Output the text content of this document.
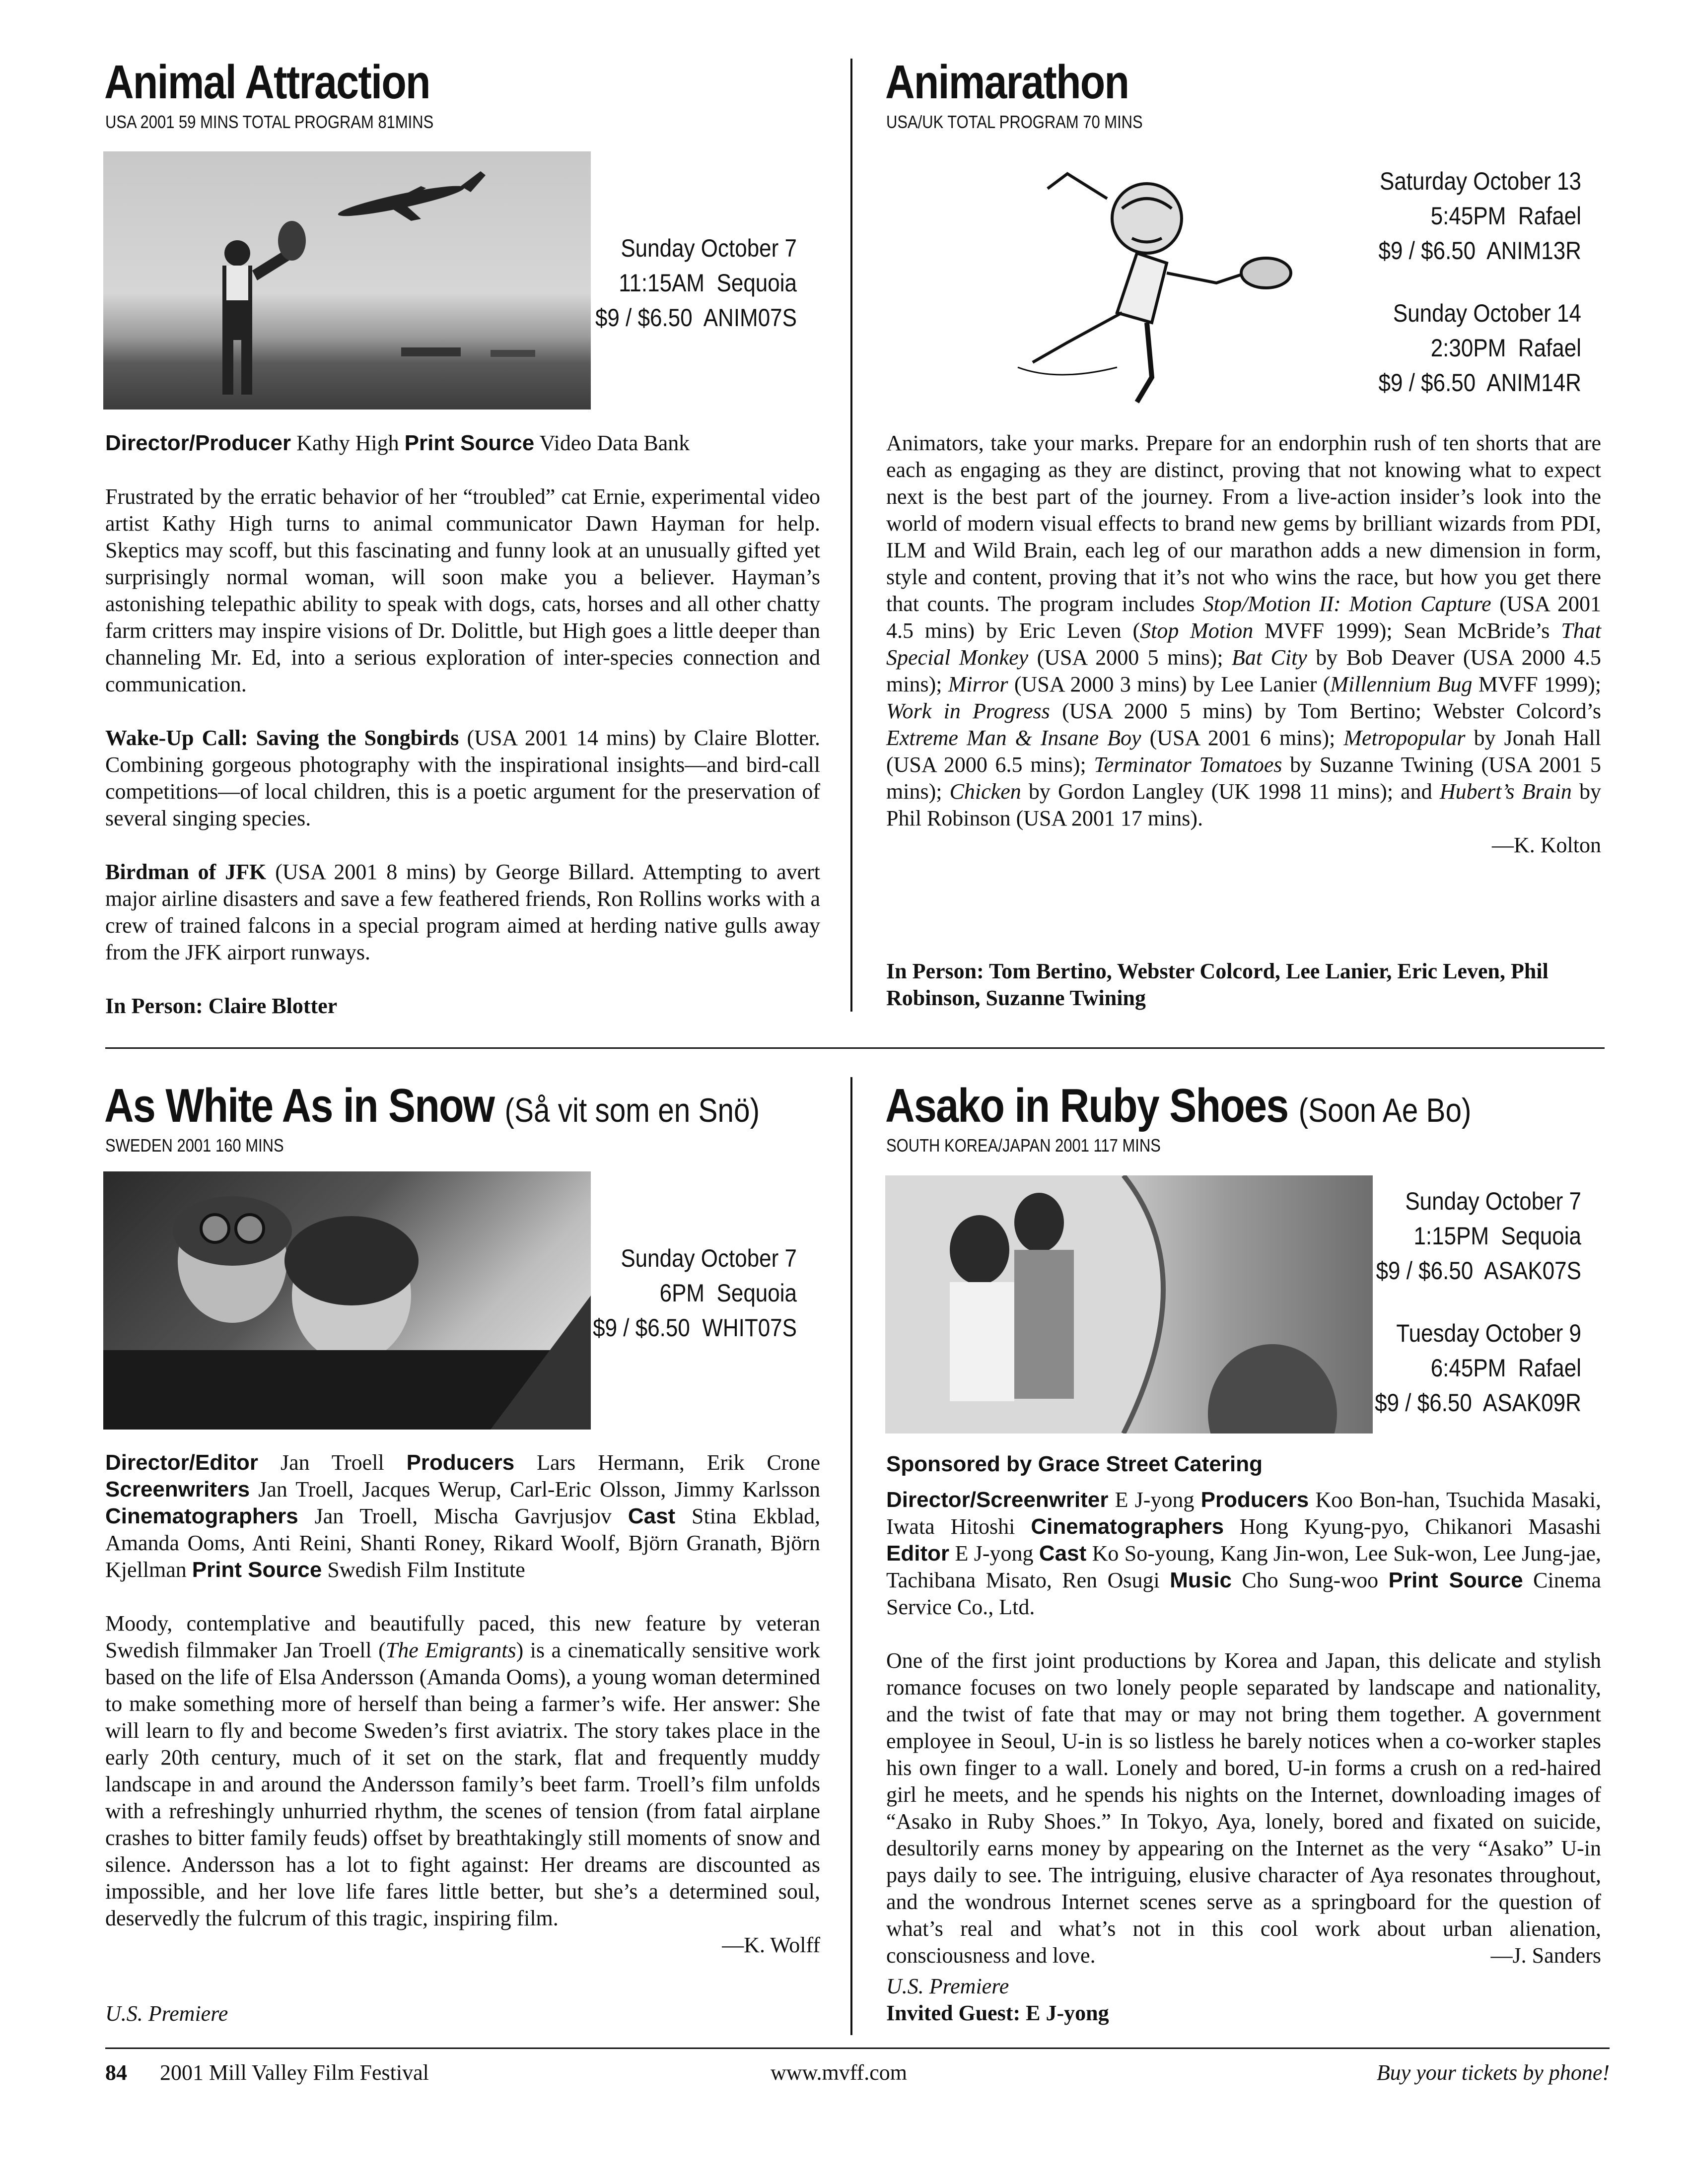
Animal Attraction
USA 2001 59 MINS TOTAL PROGRAM 81MINS
Sunday October 7
11:15AM  Sequoia
$9 / $6.50  ANIM07S

Director/Producer Kathy High Print Source Video Data Bank

Frustrated by the erratic behavior of her “troubled” cat Ernie, experimental video artist Kathy High turns to animal communicator Dawn Hayman for help. Skeptics may scoff, but this fascinating and funny look at an unusually gifted yet surprisingly normal woman, will soon make you a believer. Hayman’s astonishing telepathic ability to speak with dogs, cats, horses and all other chatty farm critters may inspire visions of Dr. Dolittle, but High goes a little deeper than channeling Mr. Ed, into a serious exploration of inter-species connection and communication.

Wake-Up Call: Saving the Songbirds (USA 2001 14 mins) by Claire Blotter. Combining gorgeous photography with the inspirational insights—and bird-call competitions—of local children, this is a poetic argument for the preservation of several singing species.

Birdman of JFK (USA 2001 8 mins) by George Billard. Attempting to avert major airline disasters and save a few feathered friends, Ron Rollins works with a crew of trained falcons in a special program aimed at herding native gulls away from the JFK airport runways.

In Person: Claire Blotter

Animarathon
USA/UK TOTAL PROGRAM 70 MINS
Saturday October 13
5:45PM  Rafael
$9 / $6.50  ANIM13R
Sunday October 14
2:30PM  Rafael
$9 / $6.50  ANIM14R

Animators, take your marks. Prepare for an endorphin rush of ten shorts that are each as engaging as they are distinct, proving that not knowing what to expect next is the best part of the journey. From a live-action insider’s look into the world of modern visual effects to brand new gems by brilliant wizards from PDI, ILM and Wild Brain, each leg of our marathon adds a new dimension in form, style and content, proving that it’s not who wins the race, but how you get there that counts. The program includes Stop/Motion II: Motion Capture (USA 2001 4.5 mins) by Eric Leven (Stop Motion MVFF 1999); Sean McBride’s That Special Monkey (USA 2000 5 mins); Bat City by Bob Deaver (USA 2000 4.5 mins); Mirror (USA 2000 3 mins) by Lee Lanier (Millennium Bug MVFF 1999); Work in Progress (USA 2000 5 mins) by Tom Bertino; Webster Colcord’s Extreme Man & Insane Boy (USA 2001 6 mins); Metropopular by Jonah Hall (USA 2000 6.5 mins); Terminator Tomatoes by Suzanne Twining (USA 2001 5 mins); Chicken by Gordon Langley (UK 1998 11 mins); and Hubert’s Brain by Phil Robinson (USA 2001 17 mins).

—K. Kolton
In Person: Tom Bertino, Webster Colcord, Lee Lanier, Eric Leven, Phil Robinson, Suzanne Twining
As White As in Snow (Så vit som en Snö)
SWEDEN 2001 160 MINS
Sunday October 7
6PM  Sequoia
$9 / $6.50  WHIT07S

Director/Editor Jan Troell Producers Lars Hermann, Erik Crone Screenwriters Jan Troell, Jacques Werup, Carl-Eric Olsson, Jimmy Karlsson Cinematographers Jan Troell, Mischa Gavrjusjov Cast Stina Ekblad, Amanda Ooms, Anti Reini, Shanti Roney, Rikard Woolf, Björn Granath, Björn Kjellman Print Source Swedish Film Institute

Moody, contemplative and beautifully paced, this new feature by veteran Swedish filmmaker Jan Troell (The Emigrants) is a cinematically sensitive work based on the life of Elsa Andersson (Amanda Ooms), a young woman determined to make something more of herself than being a farmer’s wife. Her answer: She will learn to fly and become Sweden’s first aviatrix. The story takes place in the early 20th century, much of it set on the stark, flat and frequently muddy landscape in and around the Andersson family’s beet farm. Troell’s film unfolds with a refreshingly unhurried rhythm, the scenes of tension (from fatal airplane crashes to bitter family feuds) offset by breathtakingly still moments of snow and silence. Andersson has a lot to fight against: Her dreams are discounted as impossible, and her love life fares little better, but she’s a determined soul, deservedly the fulcrum of this tragic, inspiring film.

—K. Wolff
U.S. Premiere
Asako in Ruby Shoes (Soon Ae Bo)
SOUTH KOREA/JAPAN 2001 117 MINS
Sunday October 7
1:15PM  Sequoia
$9 / $6.50  ASAK07S
Tuesday October 9
6:45PM  Rafael
$9 / $6.50  ASAK09R
Sponsored by Grace Street Catering

Director/Screenwriter E J-yong Producers Koo Bon-han, Tsuchida Masaki, Iwata Hitoshi Cinematographers Hong Kyung-pyo, Chikanori Masashi Editor E J-yong Cast Ko So-young, Kang Jin-won, Lee Suk-won, Lee Jung-jae, Tachibana Misato, Ren Osugi Music Cho Sung-woo Print Source Cinema Service Co., Ltd.

One of the first joint productions by Korea and Japan, this delicate and stylish romance focuses on two lonely people separated by landscape and nationality, and the twist of fate that may or may not bring them together. A government employee in Seoul, U-in is so listless he barely notices when a co-worker staples his own finger to a wall. Lonely and bored, U-in forms a crush on a red-haired girl he meets, and he spends his nights on the Internet, downloading images of “Asako in Ruby Shoes.” In Tokyo, Aya, lonely, bored and fixated on suicide, desultorily earns money by appearing on the Internet as the very “Asako” U-in pays daily to see. The intriguing, elusive character of Aya resonates throughout, and the wondrous Internet scenes serve as a springboard for the question of what’s real and what’s not in this cool work about urban alienation, consciousness and love.	—J. Sanders
U.S. Premiere
Invited Guest: E J-yong
84 2001 Mill Valley Film Festival	www.mvff.com	Buy your tickets by phone!
